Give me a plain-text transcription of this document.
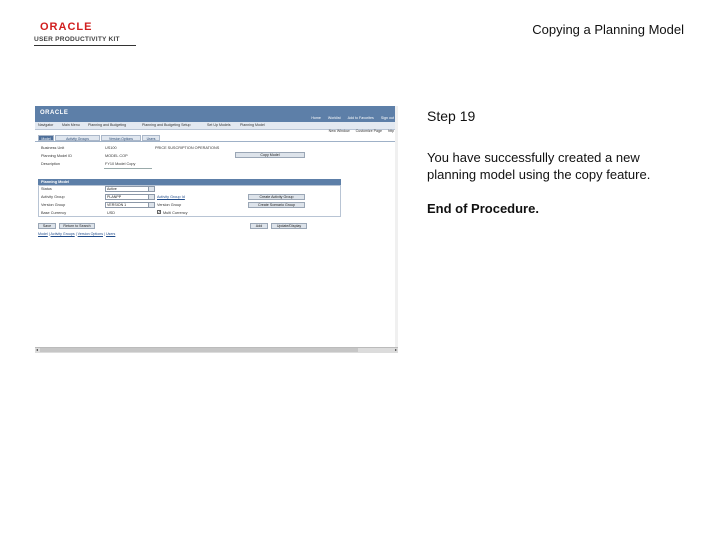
ORACLE
USER PRODUCTIVITY KIT
Copying a Planning Model
ORACLE
Home Worklist Add to Favorites Sign out
Navigator Main Menu Planning and Budgeting	Planning and Budgeting Setup	Set Up Models	Planning Model
New Window Customize Page http
Model	Activity Groups	Version Options	Users
Business Unit	US100	PRICE SUSCRIPTION OPERATIONS
Planning Model ID	MODEL COP	Copy Model
Description	FY10 Model Copy
Planning Model
Status	Active
Activity Group	PLANPP	Activity Group Id	Create Activity Group
Version Group	VERSION 1	Version Group	Create Scenario Group
Base Currency	USD	✓ Multi Currency
Save	Return to Search	Add	Update/Display
Model | Activity Groups | Version Options | Users
◂	▸
Step 19
You have successfully created a new planning model using the copy feature.
End of Procedure.
